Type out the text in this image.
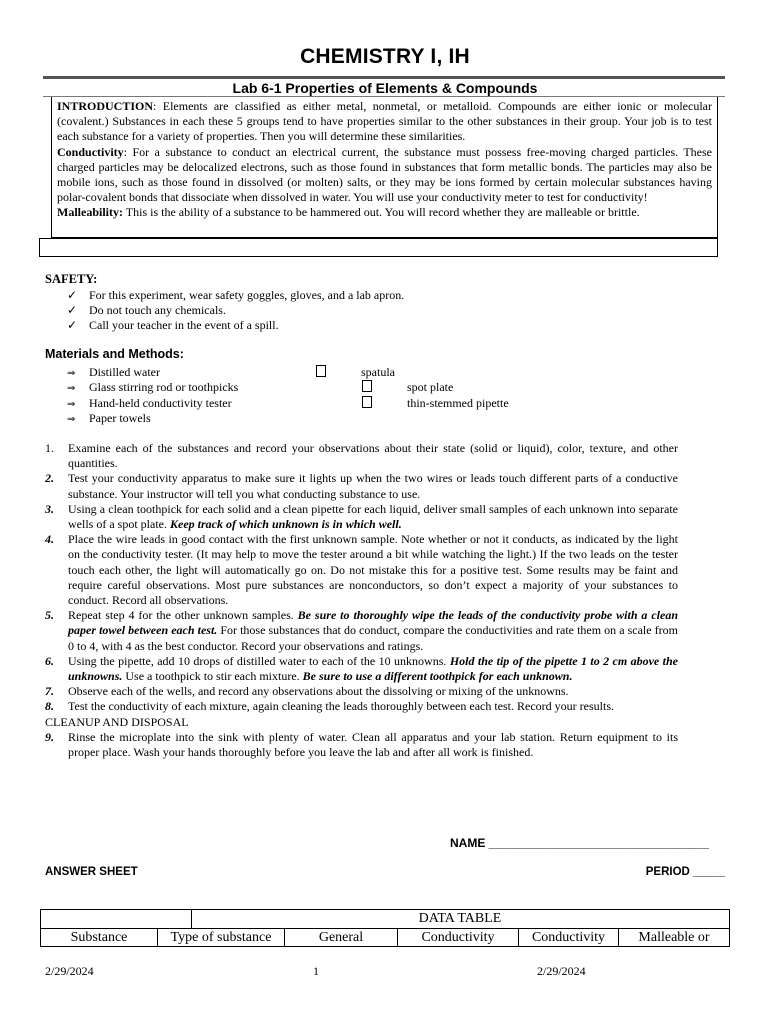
CHEMISTRY I, IH
Lab 6-1 Properties of Elements & Compounds

INTRODUCTION: Elements are classified as either metal, nonmetal, or metalloid. Compounds are either ionic or molecular (covalent.) Substances in each these 5 groups tend to have properties similar to the other substances in their group. Your job is to test each substance for a variety of properties. Then you will determine these similarities.

Conductivity: For a substance to conduct an electrical current, the substance must possess free-moving charged particles. These charged particles may be delocalized electrons, such as those found in substances that form metallic bonds. The particles may also be mobile ions, such as those found in dissolved (or molten) salts, or they may be ions formed by certain molecular substances having polar-covalent bonds that dissociate when dissolved in water. You will use your conductivity meter to test for conductivity!

Malleability: This is the ability of a substance to be hammered out. You will record whether they are malleable or brittle.

SAFETY:
✓ For this experiment, wear safety goggles, gloves, and a lab apron.
✓ Do not touch any chemicals.
✓ Call your teacher in the event of a spill.
Materials and Methods:
⇒ Distilled water
⇒ Glass stirring rod or toothpicks
⇒ Hand-held conductivity tester
⇒ Paper towels
spatula
spot plate
thin-stemmed pipette
1. Examine each of the substances and record your observations about their state (solid or liquid), color, texture, and other quantities.
2. Test your conductivity apparatus to make sure it lights up when the two wires or leads touch different parts of a conductive substance. Your instructor will tell you what conducting substance to use.
3. Using a clean toothpick for each solid and a clean pipette for each liquid, deliver small samples of each unknown into separate wells of a spot plate. Keep track of which unknown is in which well.
4. Place the wire leads in good contact with the first unknown sample. Note whether or not it conducts, as indicated by the light on the conductivity tester. (It may help to move the tester around a bit while watching the light.) If the two leads on the tester touch each other, the light will automatically go on. Do not mistake this for a positive test. Some results may be faint and require careful observations. Most pure substances are nonconductors, so don’t expect a majority of your substances to conduct. Record all observations.
5. Repeat step 4 for the other unknown samples. Be sure to thoroughly wipe the leads of the conductivity probe with a clean paper towel between each test. For those substances that do conduct, compare the conductivities and rate them on a scale from 0 to 4, with 4 as the best conductor. Record your observations and ratings.
6. Using the pipette, add 10 drops of distilled water to each of the 10 unknowns. Hold the tip of the pipette 1 to 2 cm above the unknowns. Use a toothpick to stir each mixture. Be sure to use a different toothpick for each unknown.
7. Observe each of the wells, and record any observations about the dissolving or mixing of the unknowns.
8. Test the conductivity of each mixture, again cleaning the leads thoroughly between each test. Record your results.
CLEANUP AND DISPOSAL
9. Rinse the microplate into the sink with plenty of water. Clean all apparatus and your lab station. Return equipment to its proper place. Wash your hands thoroughly before you leave the lab and after all work is finished.
NAME _________________________________
ANSWER SHEET	PERIOD _____
DATA TABLE
Substance	Type of substance	General	Conductivity	Conductivity	Malleable or
2/29/2024	1	2/29/2024
